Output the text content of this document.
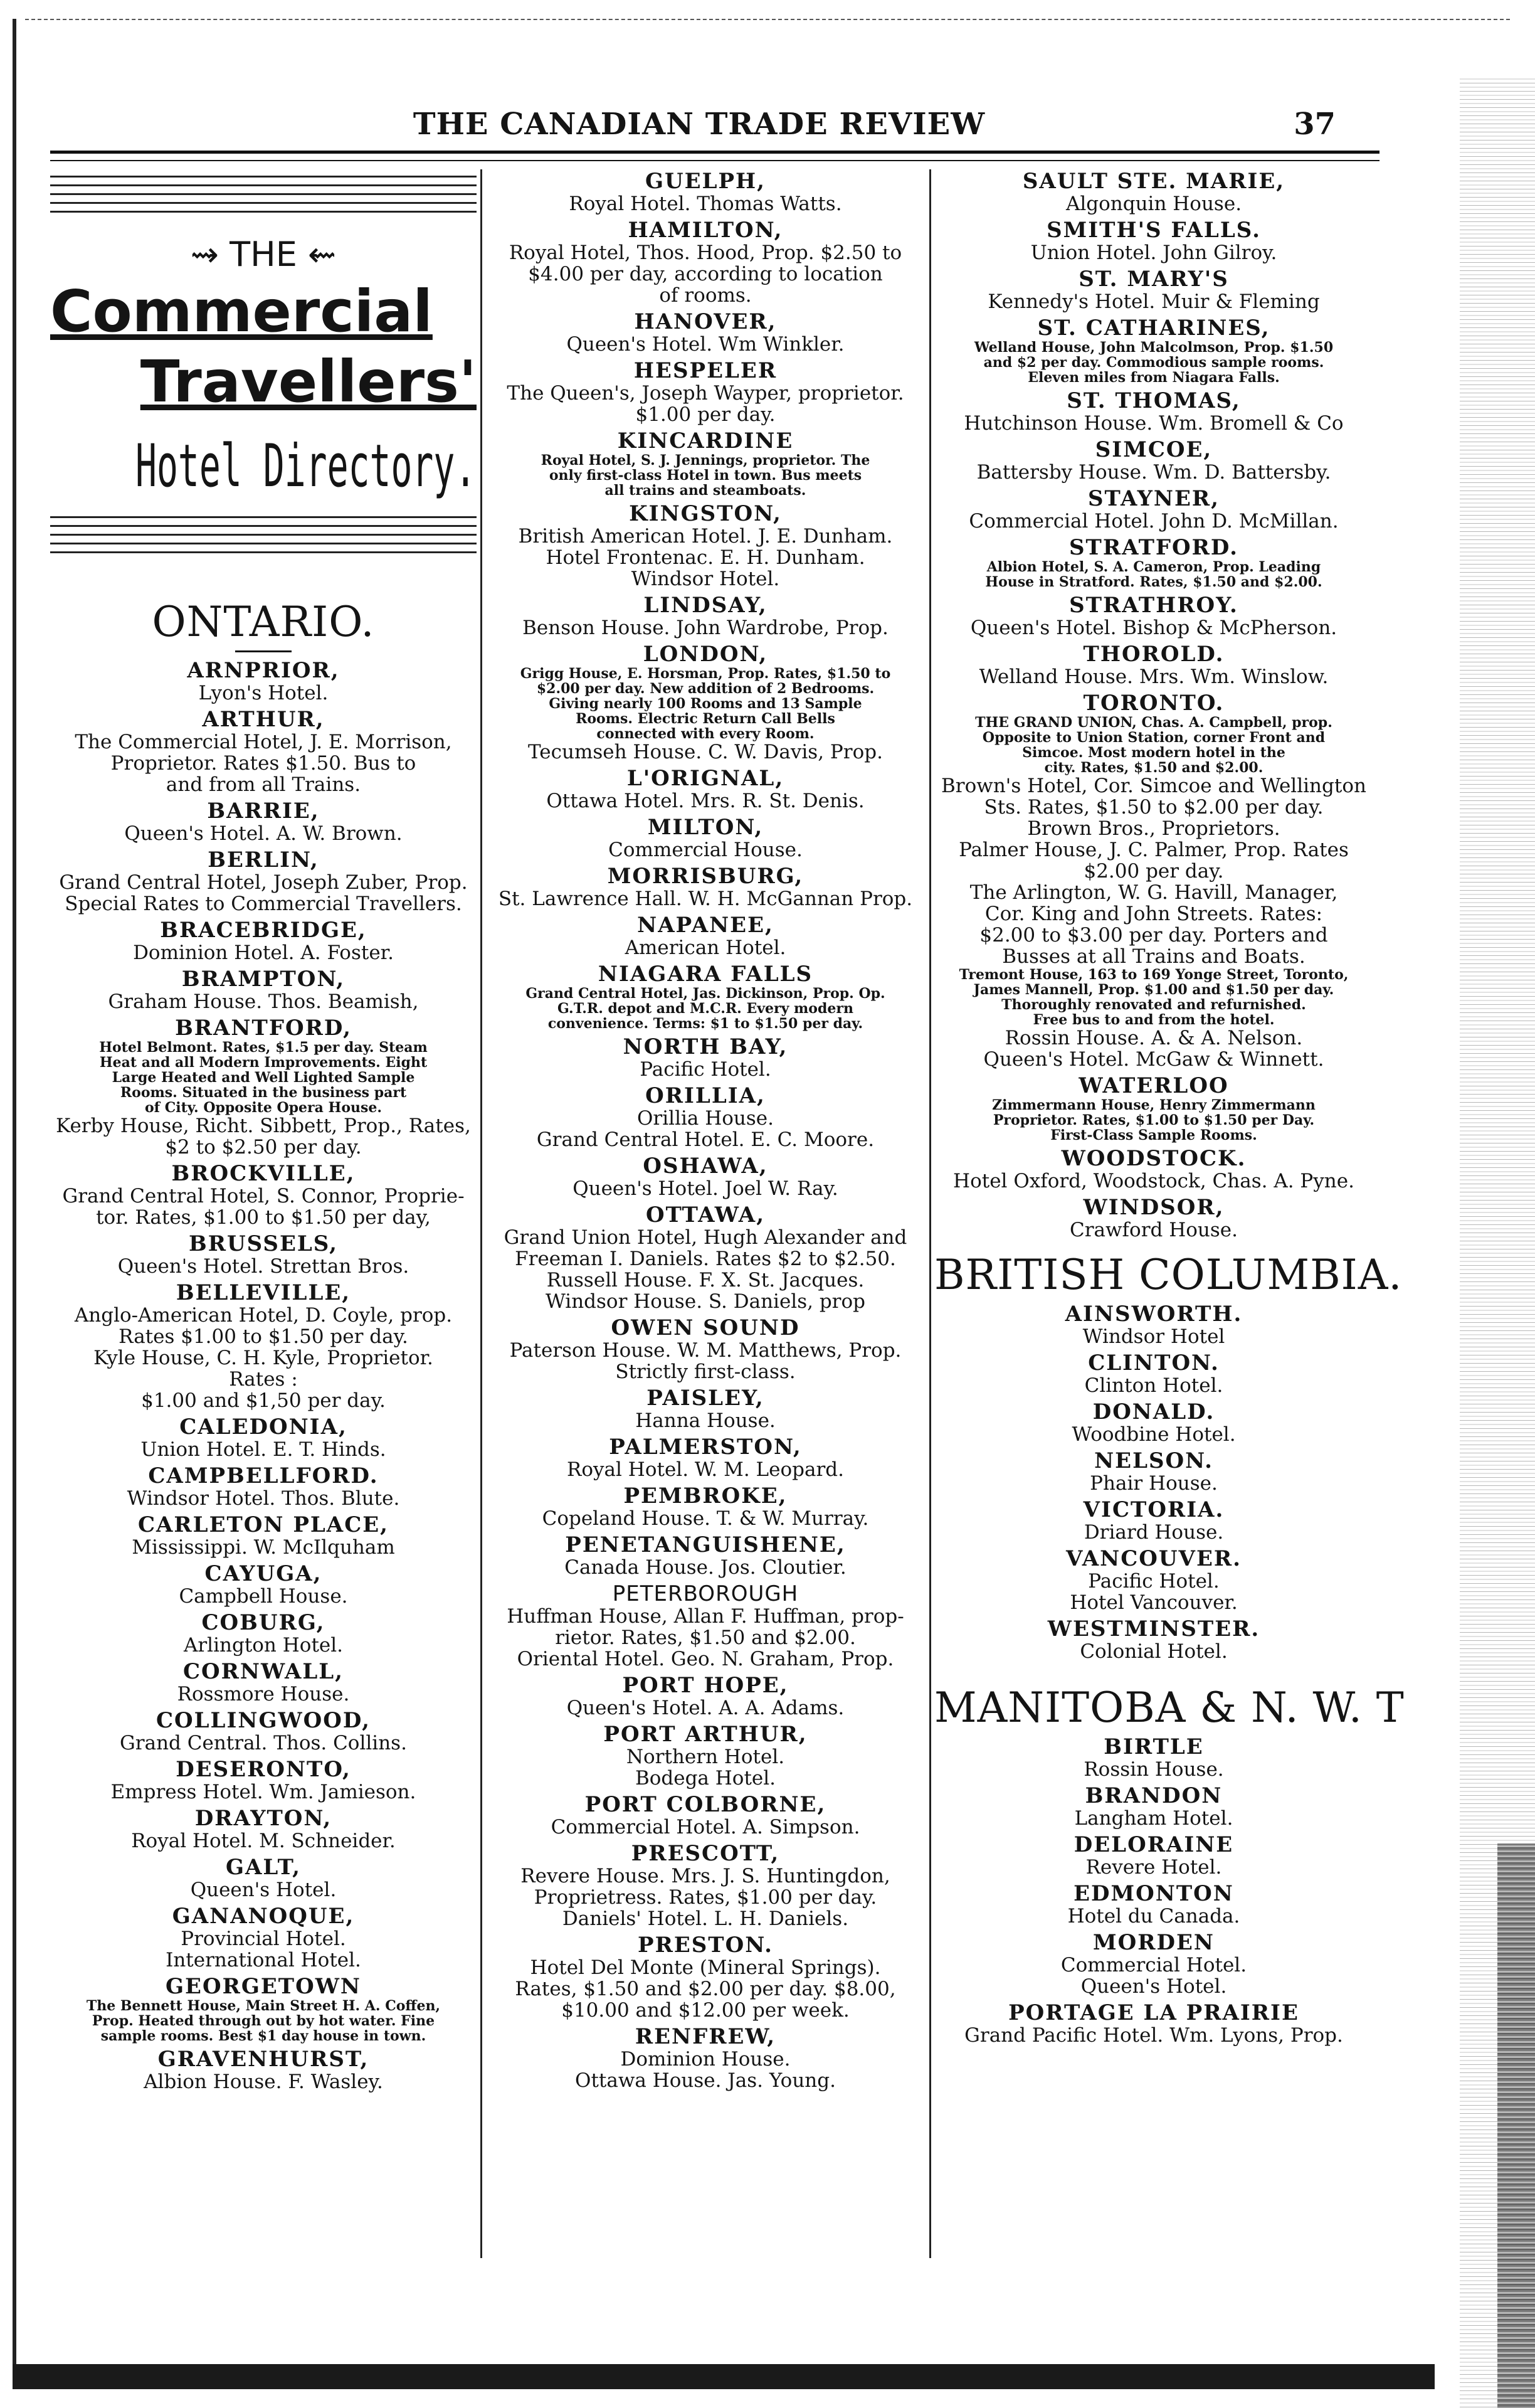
THE CANADIAN TRADE REVIEW	37
⇝ THE ⇜
Commercial
Travellers'
Hotel Directory.
ONTARIO.
ARNPRIOR,
Lyon's Hotel.
ARTHUR,
The Commercial Hotel, J. E. Morrison,
Proprietor. Rates $1.50. Bus to
and from all Trains.
BARRIE,
Queen's Hotel. A. W. Brown.
BERLIN,
Grand Central Hotel, Joseph Zuber, Prop.
Special Rates to Commercial Travellers.
BRACEBRIDGE,
Dominion Hotel. A. Foster.
BRAMPTON,
Graham House. Thos. Beamish,
BRANTFORD,
Hotel Belmont. Rates, $1.5 per day. Steam
Heat and all Modern Improvements. Eight
Large Heated and Well Lighted Sample
Rooms. Situated in the business part
of City. Opposite Opera House.
Kerby House, Richt. Sibbett, Prop., Rates,
$2 to $2.50 per day.
BROCKVILLE,
Grand Central Hotel, S. Connor, Proprie-
tor. Rates, $1.00 to $1.50 per day,
BRUSSELS,
Queen's Hotel. Strettan Bros.
BELLEVILLE,
Anglo-American Hotel, D. Coyle, prop.
Rates $1.00 to $1.50 per day.
Kyle House, C. H. Kyle, Proprietor.
Rates :
$1.00 and $1,50 per day.
CALEDONIA,
Union Hotel. E. T. Hinds.
CAMPBELLFORD.
Windsor Hotel. Thos. Blute.
CARLETON PLACE,
Mississippi. W. McIlquham
CAYUGA,
Campbell House.
COBURG,
Arlington Hotel.
CORNWALL,
Rossmore House.
COLLINGWOOD,
Grand Central. Thos. Collins.
DESERONTO,
Empress Hotel. Wm. Jamieson.
DRAYTON,
Royal Hotel. M. Schneider.
GALT,
Queen's Hotel.
GANANOQUE,
Provincial Hotel.
International Hotel.
GEORGETOWN
The Bennett House, Main Street H. A. Coffen,
Prop. Heated through out by hot water. Fine
sample rooms. Best $1 day house in town.
GRAVENHURST,
Albion House. F. Wasley.
GUELPH,
Royal Hotel. Thomas Watts.
HAMILTON,
Royal Hotel, Thos. Hood, Prop. $2.50 to
$4.00 per day, according to location
of rooms.
HANOVER,
Queen's Hotel. Wm Winkler.
HESPELER
The Queen's, Joseph Wayper, proprietor.
$1.00 per day.
KINCARDINE
Royal Hotel, S. J. Jennings, proprietor. The
only first-class Hotel in town. Bus meets
all trains and steamboats.
KINGSTON,
British American Hotel. J. E. Dunham.
Hotel Frontenac. E. H. Dunham.
Windsor Hotel.
LINDSAY,
Benson House. John Wardrobe, Prop.
LONDON,
Grigg House, E. Horsman, Prop. Rates, $1.50 to
$2.00 per day. New addition of 2 Bedrooms.
Giving nearly 100 Rooms and 13 Sample
Rooms. Electric Return Call Bells
connected with every Room.
Tecumseh House. C. W. Davis, Prop.
L'ORIGNAL,
Ottawa Hotel. Mrs. R. St. Denis.
MILTON,
Commercial House.
MORRISBURG,
St. Lawrence Hall. W. H. McGannan Prop.
NAPANEE,
American Hotel.
NIAGARA FALLS
Grand Central Hotel, Jas. Dickinson, Prop. Op.
G.T.R. depot and M.C.R. Every modern
convenience. Terms: $1 to $1.50 per day.
NORTH BAY,
Pacific Hotel.
ORILLIA,
Orillia House.
Grand Central Hotel. E. C. Moore.
OSHAWA,
Queen's Hotel. Joel W. Ray.
OTTAWA,
Grand Union Hotel, Hugh Alexander and
Freeman I. Daniels. Rates $2 to $2.50.
Russell House. F. X. St. Jacques.
Windsor House. S. Daniels, prop
OWEN SOUND
Paterson House. W. M. Matthews, Prop.
Strictly first-class.
PAISLEY,
Hanna House.
PALMERSTON,
Royal Hotel. W. M. Leopard.
PEMBROKE,
Copeland House. T. & W. Murray.
PENETANGUISHENE,
Canada House. Jos. Cloutier.
PETERBOROUGH
Huffman House, Allan F. Huffman, prop-
rietor. Rates, $1.50 and $2.00.
Oriental Hotel. Geo. N. Graham, Prop.
PORT HOPE,
Queen's Hotel. A. A. Adams.
PORT ARTHUR,
Northern Hotel.
Bodega Hotel.
PORT COLBORNE,
Commercial Hotel. A. Simpson.
PRESCOTT,
Revere House. Mrs. J. S. Huntingdon,
Proprietress. Rates, $1.00 per day.
Daniels' Hotel. L. H. Daniels.
PRESTON.
Hotel Del Monte (Mineral Springs).
Rates, $1.50 and $2.00 per day. $8.00,
$10.00 and $12.00 per week.
RENFREW,
Dominion House.
Ottawa House. Jas. Young.
SAULT STE. MARIE,
Algonquin House.
SMITH'S FALLS.
Union Hotel. John Gilroy.
ST. MARY'S
Kennedy's Hotel. Muir & Fleming
ST. CATHARINES,
Welland House, John Malcolmson, Prop. $1.50
and $2 per day. Commodious sample rooms.
Eleven miles from Niagara Falls.
ST. THOMAS,
Hutchinson House. Wm. Bromell & Co
SIMCOE,
Battersby House. Wm. D. Battersby.
STAYNER,
Commercial Hotel. John D. McMillan.
STRATFORD.
Albion Hotel, S. A. Cameron, Prop. Leading
House in Stratford. Rates, $1.50 and $2.00.
STRATHROY.
Queen's Hotel. Bishop & McPherson.
THOROLD.
Welland House. Mrs. Wm. Winslow.
TORONTO.
THE GRAND UNION, Chas. A. Campbell, prop.
Opposite to Union Station, corner Front and
Simcoe. Most modern hotel in the
city. Rates, $1.50 and $2.00.
Brown's Hotel, Cor. Simcoe and Wellington
Sts. Rates, $1.50 to $2.00 per day.
Brown Bros., Proprietors.
Palmer House, J. C. Palmer, Prop. Rates
$2.00 per day.
The Arlington, W. G. Havill, Manager,
Cor. King and John Streets. Rates:
$2.00 to $3.00 per day. Porters and
Busses at all Trains and Boats.
Tremont House, 163 to 169 Yonge Street, Toronto,
James Mannell, Prop. $1.00 and $1.50 per day.
Thoroughly renovated and refurnished.
Free bus to and from the hotel.
Rossin House. A. & A. Nelson.
Queen's Hotel. McGaw & Winnett.
WATERLOO
Zimmermann House, Henry Zimmermann
Proprietor. Rates, $1.00 to $1.50 per Day.
First-Class Sample Rooms.
WOODSTOCK.
Hotel Oxford, Woodstock, Chas. A. Pyne.
WINDSOR,
Crawford House.
BRITISH COLUMBIA.
AINSWORTH.
Windsor Hotel
CLINTON.
Clinton Hotel.
DONALD.
Woodbine Hotel.
NELSON.
Phair House.
VICTORIA.
Driard House.
VANCOUVER.
Pacific Hotel.
Hotel Vancouver.
WESTMINSTER.
Colonial Hotel.
MANITOBA & N. W. T
BIRTLE
Rossin House.
BRANDON
Langham Hotel.
DELORAINE
Revere Hotel.
EDMONTON
Hotel du Canada.
MORDEN
Commercial Hotel.
Queen's Hotel.
PORTAGE LA PRAIRIE
Grand Pacific Hotel. Wm. Lyons, Prop.
